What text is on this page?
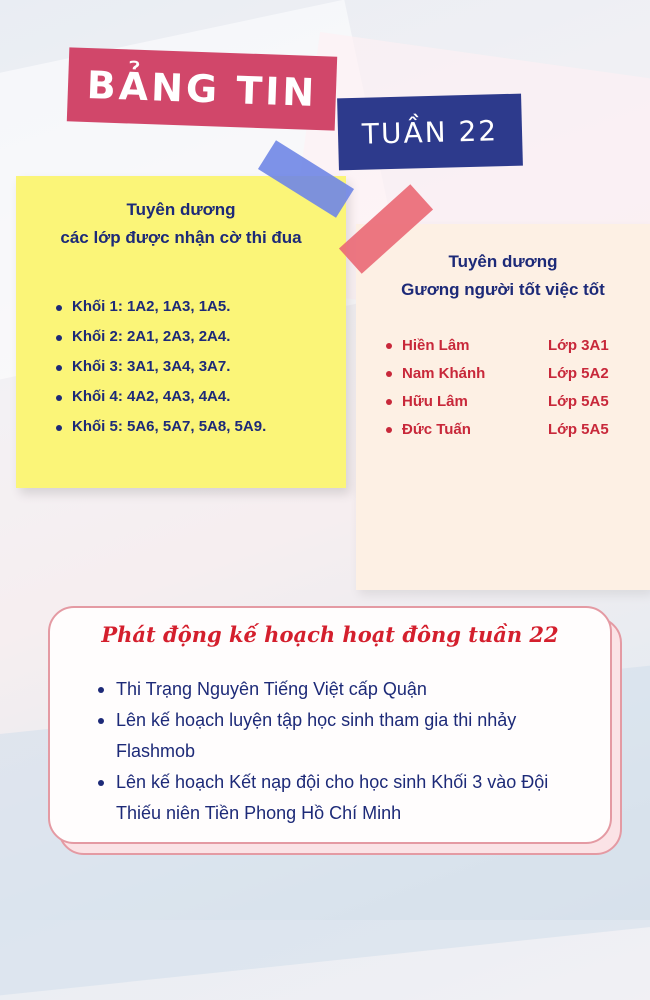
BẢNG TIN
TUẦN 22
Tuyên dương
các lớp được nhận cờ thi đua
Khối 1: 1A2, 1A3, 1A5.
Khối 2: 2A1, 2A3, 2A4.
Khối 3: 3A1, 3A4, 3A7.
Khối 4: 4A2, 4A3, 4A4.
Khối 5: 5A6, 5A7, 5A8, 5A9.
Tuyên dương
Gương người tốt việc tốt
Hiền Lâm	Lớp 3A1
Nam Khánh	Lớp 5A2
Hữu Lâm	Lớp 5A5
Đức Tuấn	Lớp 5A5
Phát động kế hoạch hoạt đông tuần 22
Thi Trạng Nguyên Tiếng Việt cấp Quận
Lên kế hoạch luyện tập học sinh tham gia thi nhảy Flashmob
Lên kế hoạch Kết nạp đội cho học sinh Khối 3 vào Đội Thiếu niên Tiền Phong Hồ Chí Minh
